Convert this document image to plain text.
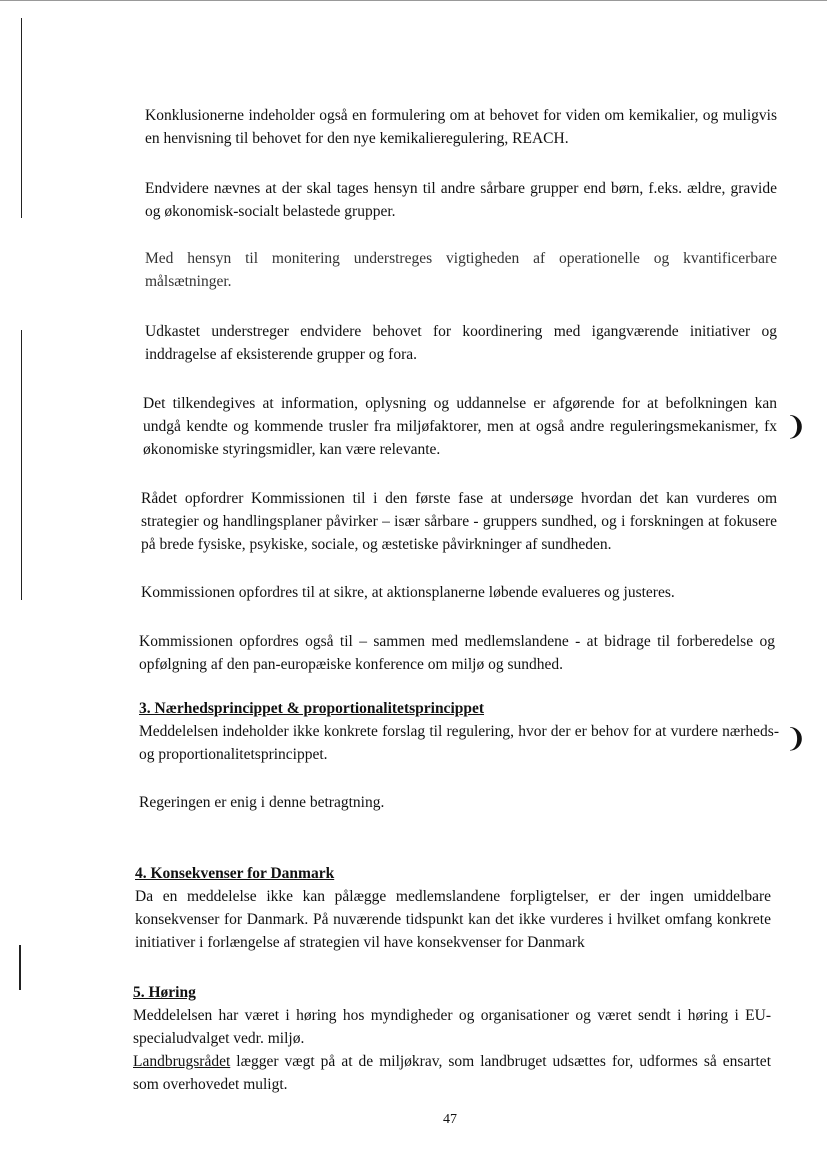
Konklusionerne indeholder også en formulering om at behovet for viden om kemikalier, og muligvis en henvisning til behovet for den nye kemikalieregulering, REACH.

Endvidere nævnes at der skal tages hensyn til andre sårbare grupper end børn, f.eks. ældre, gravide og økonomisk-socialt belastede grupper.

Med hensyn til monitering understreges vigtigheden af operationelle og kvantificerbare målsætninger.

Udkastet understreger endvidere behovet for koordinering med igangværende initiativer og inddragelse af eksisterende grupper og fora.

Det tilkendegives at information, oplysning og uddannelse er afgørende for at befolkningen kan undgå kendte og kommende trusler fra miljøfaktorer, men at også andre reguleringsmekanismer, fx økonomiske styringsmidler, kan være relevante.

❩

Rådet opfordrer Kommissionen til i den første fase at undersøge hvordan det kan vurderes om strategier og handlingsplaner påvirker – især sårbare - gruppers sundhed, og i forskningen at fokusere på brede fysiske, psykiske, sociale, og æstetiske påvirkninger af sundheden.

Kommissionen opfordres til at sikre, at aktionsplanerne løbende evalueres og justeres.

Kommissionen opfordres også til – sammen med medlemslandene - at bidrage til forberedelse og opfølgning af den pan-europæiske konference om miljø og sundhed.

3. Nærhedsprincippet & proportionalitetsprincippet
Meddelelsen indeholder ikke konkrete forslag til regulering, hvor der er behov for at vurdere nærheds- og proportionalitetsprincippet.
❩

Regeringen er enig i denne betragtning.

4. Konsekvenser for Danmark
Da en meddelelse ikke kan pålægge medlemslandene forpligtelser, er der ingen umiddelbare konsekvenser for Danmark. På nuværende tidspunkt kan det ikke vurderes i hvilket omfang konkrete initiativer i forlængelse af strategien vil have konsekvenser for Danmark
5. Høring
Meddelelsen har været i høring hos myndigheder og organisationer og været sendt i høring i EU-specialudvalget vedr. miljø.
Landbrugsrådet lægger vægt på at de miljøkrav, som landbruget udsættes for, udformes så ensartet som overhovedet muligt.
47
